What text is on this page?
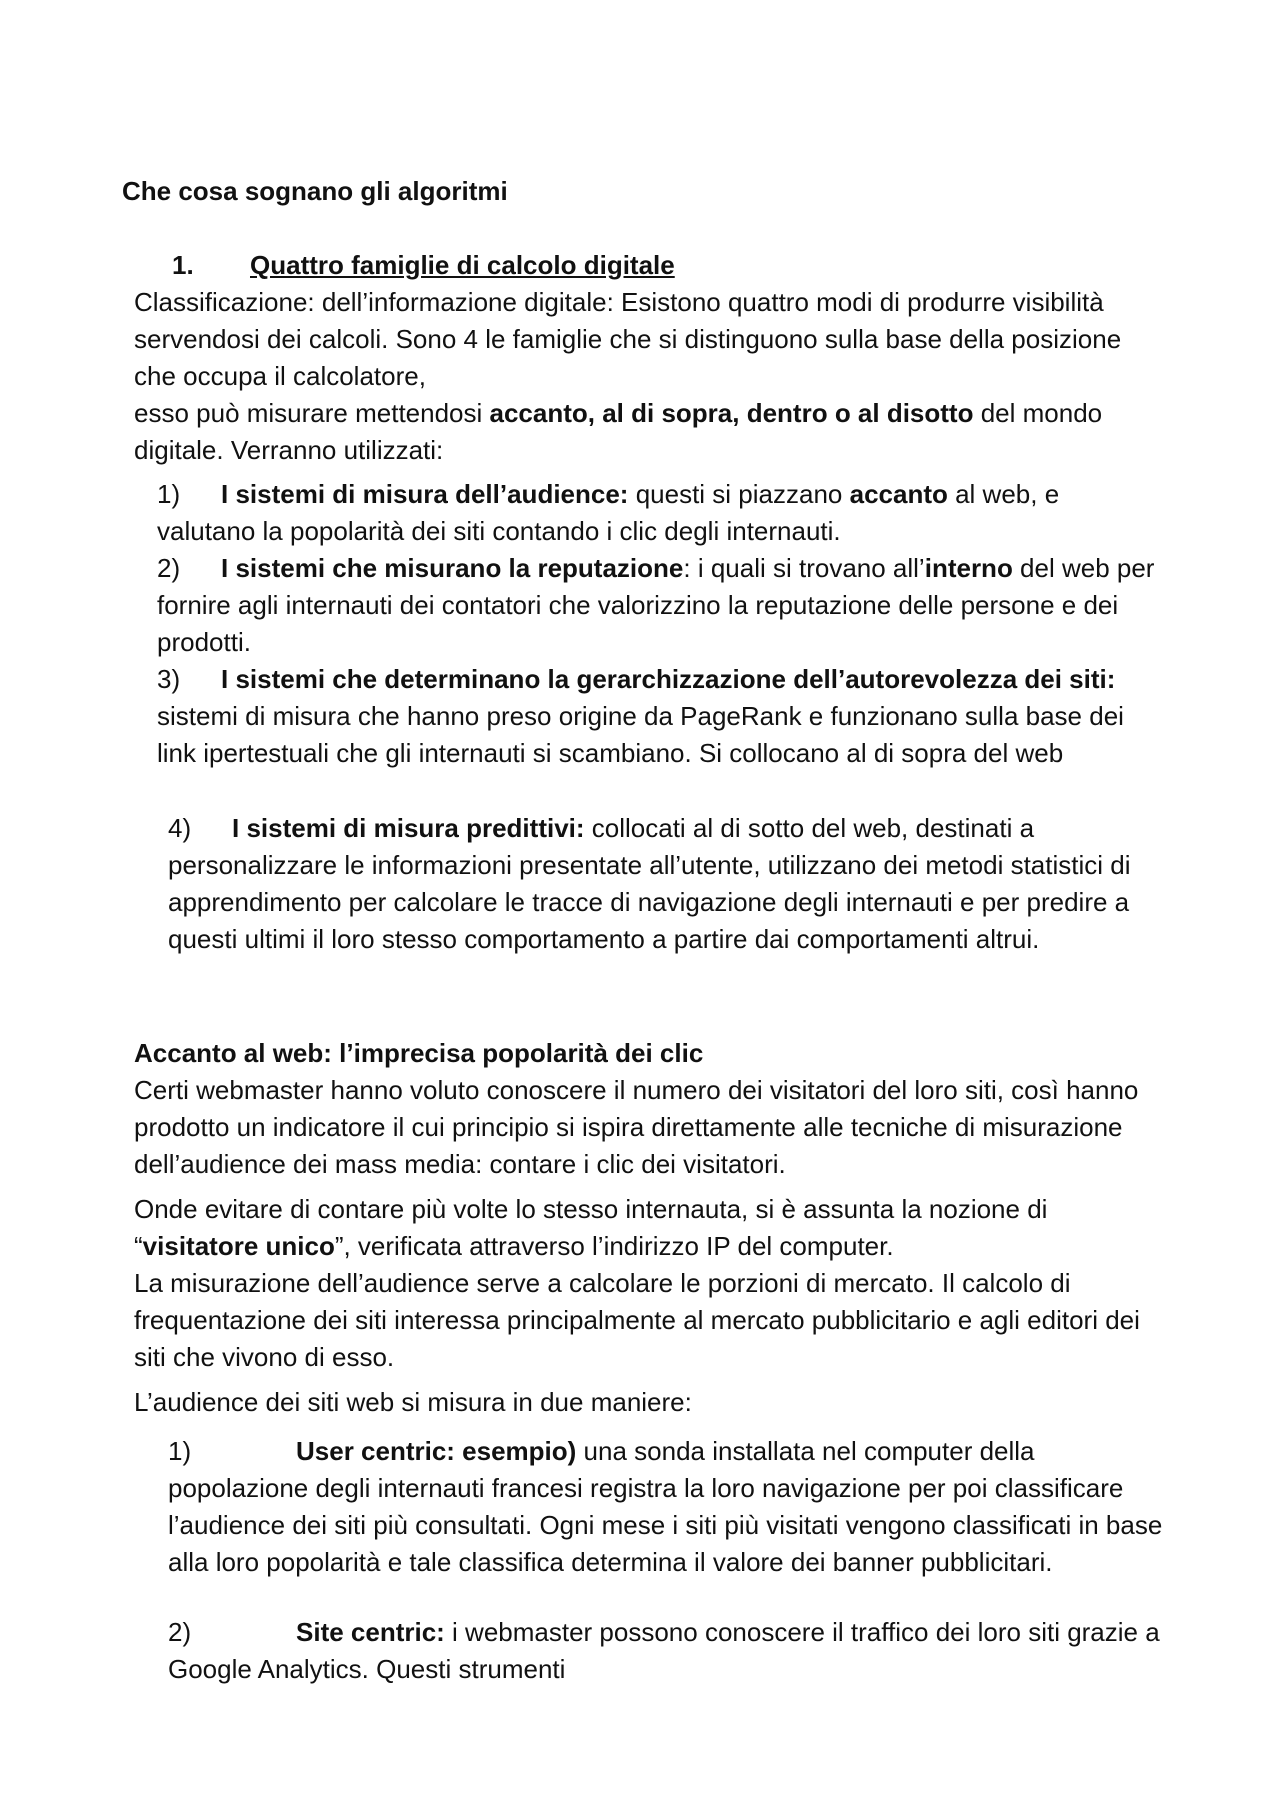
Che cosa sognano gli algoritmi
1. Quattro famiglie di calcolo digitale
Classificazione: dell’informazione digitale: Esistono quattro modi di produrre visibilità servendosi dei calcoli. Sono 4 le famiglie che si distinguono sulla base della posizione che occupa il calcolatore,
esso può misurare mettendosi accanto, al di sopra, dentro o al disotto del mondo digitale. Verranno utilizzati:
1) I sistemi di misura dell’audience: questi si piazzano accanto al web, e valutano la popolarità dei siti contando i clic degli internauti.
2) I sistemi che misurano la reputazione: i quali si trovano all’interno del web per fornire agli internauti dei contatori che valorizzino la reputazione delle persone e dei prodotti.
3) I sistemi che determinano la gerarchizzazione dell’autorevolezza dei siti: sistemi di misura che hanno preso origine da PageRank e funzionano sulla base dei link ipertestuali che gli internauti si scambiano. Si collocano al di sopra del web
4) I sistemi di misura predittivi: collocati al di sotto del web, destinati a personalizzare le informazioni presentate all’utente, utilizzano dei metodi statistici di apprendimento per calcolare le tracce di navigazione degli internauti e per predire a questi ultimi il loro stesso comportamento a partire dai comportamenti altrui.
Accanto al web: l’imprecisa popolarità dei clic
Certi webmaster hanno voluto conoscere il numero dei visitatori del loro siti, così hanno prodotto un indicatore il cui principio si ispira direttamente alle tecniche di misurazione dell’audience dei mass media: contare i clic dei visitatori.
Onde evitare di contare più volte lo stesso internauta, si è assunta la nozione di “visitatore unico”, verificata attraverso l’indirizzo IP del computer.
La misurazione dell’audience serve a calcolare le porzioni di mercato. Il calcolo di frequentazione dei siti interessa principalmente al mercato pubblicitario e agli editori dei siti che vivono di esso.
L’audience dei siti web si misura in due maniere:
1)	User centric: esempio) una sonda installata nel computer della popolazione degli internauti francesi registra la loro navigazione per poi classificare l’audience dei siti più consultati. Ogni mese i siti più visitati vengono classificati in base alla loro popolarità e tale classifica determina il valore dei banner pubblicitari.
2)	Site centric: i webmaster possono conoscere il traffico dei loro siti grazie a Google Analytics. Questi strumenti
